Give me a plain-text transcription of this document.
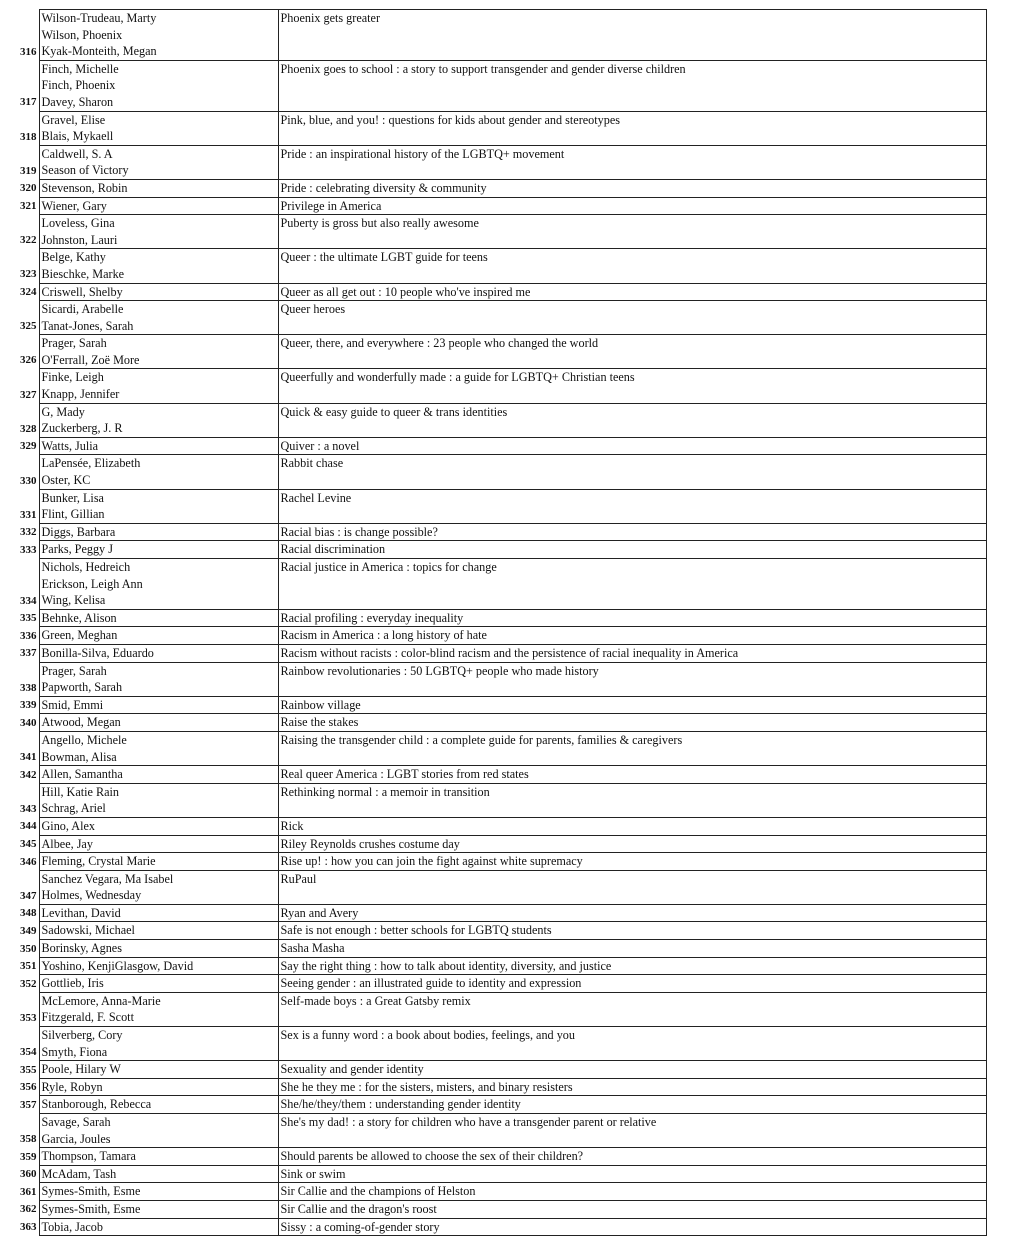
316	Wilson-Trudeau, Marty
Wilson, Phoenix
Kyak-Monteith, Megan	Phoenix gets greater
317	Finch, Michelle
Finch, Phoenix
Davey, Sharon	Phoenix goes to school : a story to support transgender and gender diverse children
318	Gravel, Elise
Blais, Mykaell	Pink, blue, and you! : questions for kids about gender and stereotypes
319	Caldwell, S. A
Season of Victory	Pride : an inspirational history of the LGBTQ+ movement
320	Stevenson, Robin	Pride : celebrating diversity & community
321	Wiener, Gary	Privilege in America
322	Loveless, Gina
Johnston, Lauri	Puberty is gross but also really awesome
323	Belge, Kathy
Bieschke, Marke	Queer : the ultimate LGBT guide for teens
324	Criswell, Shelby	Queer as all get out : 10 people who've inspired me
325	Sicardi, Arabelle
Tanat-Jones, Sarah	Queer heroes
326	Prager, Sarah
O'Ferrall, Zoë More	Queer, there, and everywhere : 23 people who changed the world
327	Finke, Leigh
Knapp, Jennifer	Queerfully and wonderfully made : a guide for LGBTQ+ Christian teens
328	G, Mady
Zuckerberg, J. R	Quick & easy guide to queer & trans identities
329	Watts, Julia	Quiver : a novel
330	LaPensée, Elizabeth
Oster, KC	Rabbit chase
331	Bunker, Lisa
Flint, Gillian	Rachel Levine
332	Diggs, Barbara	Racial bias : is change possible?
333	Parks, Peggy J	Racial discrimination
334	Nichols, Hedreich
Erickson, Leigh Ann
Wing, Kelisa	Racial justice in America : topics for change
335	Behnke, Alison	Racial profiling : everyday inequality
336	Green, Meghan	Racism in America : a long history of hate
337	Bonilla-Silva, Eduardo	Racism without racists : color-blind racism and the persistence of racial inequality in America
338	Prager, Sarah
Papworth, Sarah	Rainbow revolutionaries : 50 LGBTQ+ people who made history
339	Smid, Emmi	Rainbow village
340	Atwood, Megan	Raise the stakes
341	Angello, Michele
Bowman, Alisa	Raising the transgender child : a complete guide for parents, families & caregivers
342	Allen, Samantha	Real queer America : LGBT stories from red states
343	Hill, Katie Rain
Schrag, Ariel	Rethinking normal : a memoir in transition
344	Gino, Alex	Rick
345	Albee, Jay	Riley Reynolds crushes costume day
346	Fleming, Crystal Marie	Rise up! : how you can join the fight against white supremacy
347	Sanchez Vegara, Ma Isabel
Holmes, Wednesday	RuPaul
348	Levithan, David	Ryan and Avery
349	Sadowski, Michael	Safe is not enough : better schools for LGBTQ students
350	Borinsky, Agnes	Sasha Masha
351	Yoshino, KenjiGlasgow, David	Say the right thing : how to talk about identity, diversity, and justice
352	Gottlieb, Iris	Seeing gender : an illustrated guide to identity and expression
353	McLemore, Anna-Marie
Fitzgerald, F. Scott	Self-made boys : a Great Gatsby remix
354	Silverberg, Cory
Smyth, Fiona	Sex is a funny word : a book about bodies, feelings, and you
355	Poole, Hilary W	Sexuality and gender identity
356	Ryle, Robyn	She he they me : for the sisters, misters, and binary resisters
357	Stanborough, Rebecca	She/he/they/them : understanding gender identity
358	Savage, Sarah
Garcia, Joules	She's my dad! : a story for children who have a transgender parent or relative
359	Thompson, Tamara	Should parents be allowed to choose the sex of their children?
360	McAdam, Tash	Sink or swim
361	Symes-Smith, Esme	Sir Callie and the champions of Helston
362	Symes-Smith, Esme	Sir Callie and the dragon's roost
363	Tobia, Jacob	Sissy : a coming-of-gender story
